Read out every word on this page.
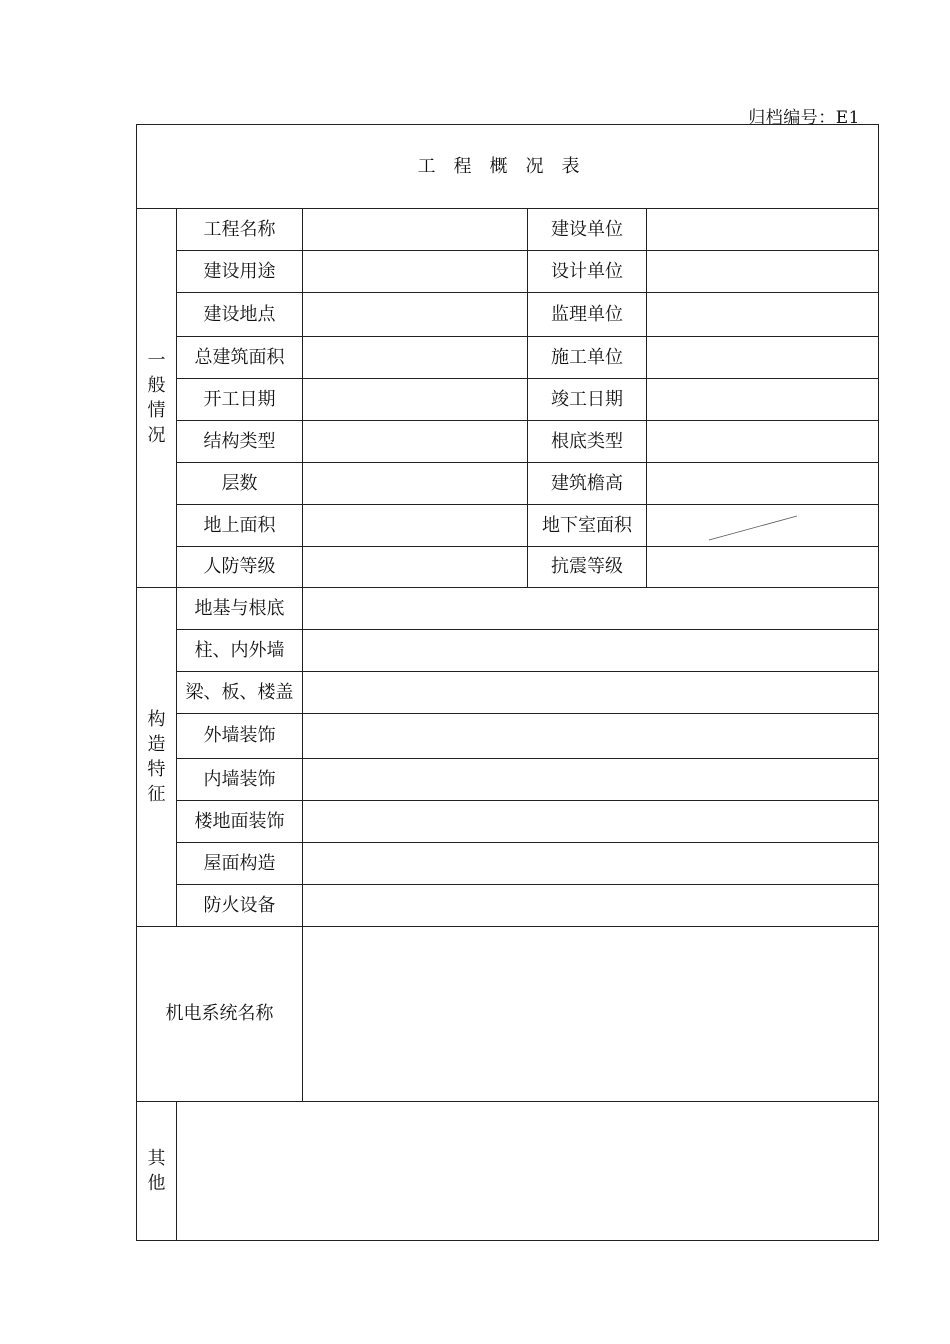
归档编号：E1
工程概况表				
一般情况	工程名称		建设单位	
	建设用途		设计单位	
	建设地点		监理单位	
	总建筑面积		施工单位	
	开工日期		竣工日期	
	结构类型		根底类型	
	层数		建筑檐高	
	地上面积		地下室面积	

	人防等级		抗震等级	
构造特征	地基与根底			
	柱、内外墙			
	梁、板、楼盖			
	外墙装饰			
	内墙装饰			
	楼地面装饰			
	屋面构造			
	防火设备			
机电系统名称				
其他				
